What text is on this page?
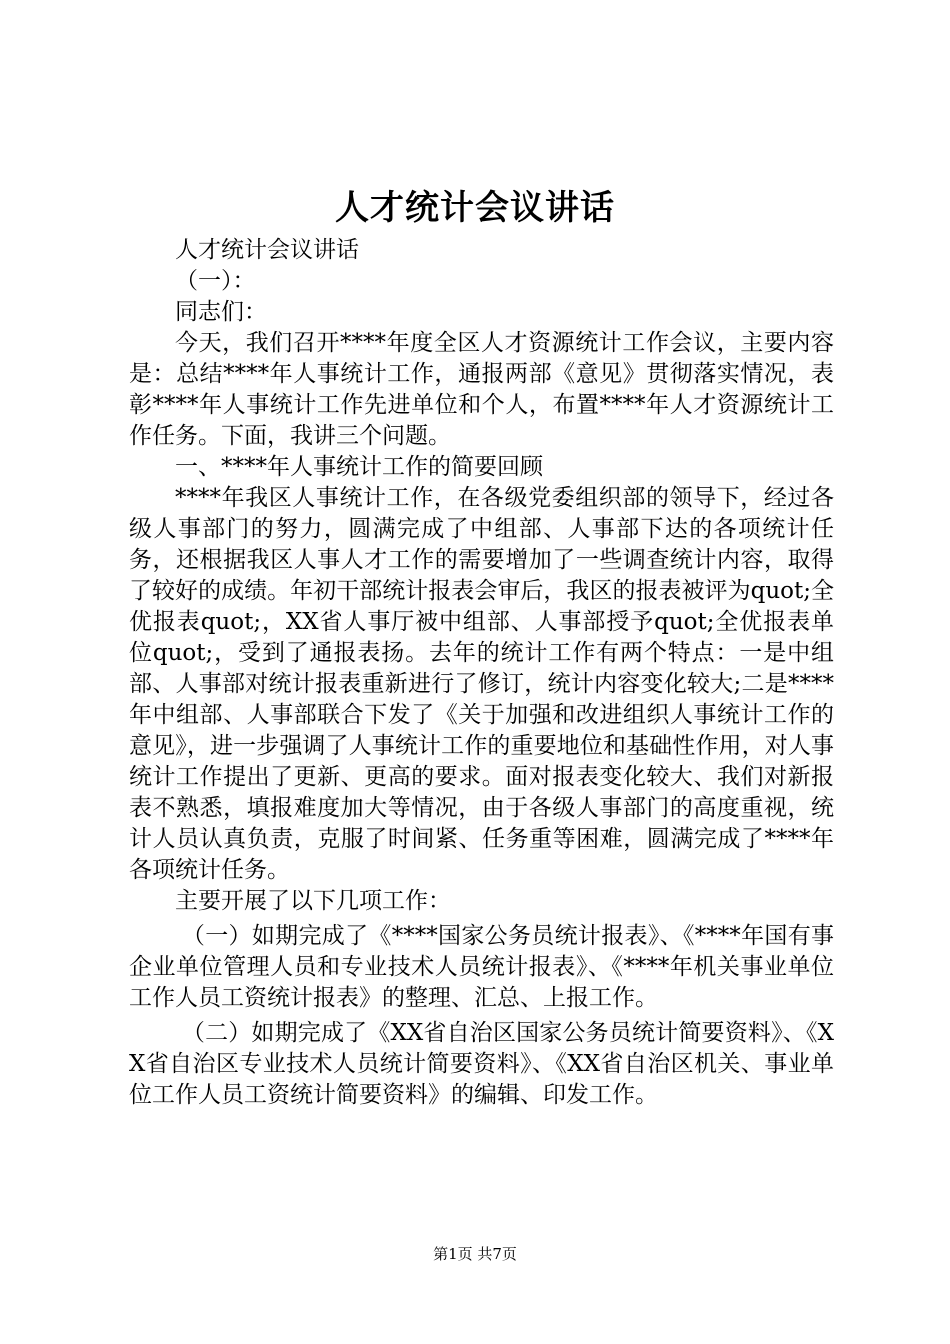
人才统计会议讲话

人才统计会议讲话

（一）：

同志们：

今天，我们召开****年度全区人才资源统计工作会议，主要内容是：总结****年人事统计工作，通报两部《意见》贯彻落实情况，表彰****年人事统计工作先进单位和个人，布置****年人才资源统计工作任务。下面，我讲三个问题。

一、****年人事统计工作的简要回顾

****年我区人事统计工作，在各级党委组织部的领导下，经过各级人事部门的努力，圆满完成了中组部、人事部下达的各项统计任务，还根据我区人事人才工作的需要增加了一些调查统计内容，取得了较好的成绩。年初干部统计报表会审后，我区的报表被评为quot;全优报表quot;，XX省人事厅被中组部、人事部授予quot;全优报表单位quot;，受到了通报表扬。去年的统计工作有两个特点：一是中组部、人事部对统计报表重新进行了修订，统计内容变化较大;二是****年中组部、人事部联合下发了《关于加强和改进组织人事统计工作的意见》，进一步强调了人事统计工作的重要地位和基础性作用，对人事统计工作提出了更新、更高的要求。面对报表变化较大、我们对新报表不熟悉，填报难度加大等情况，由于各级人事部门的高度重视，统计人员认真负责，克服了时间紧、任务重等困难，圆满完成了****年各项统计任务。

主要开展了以下几项工作：

（一）如期完成了《****国家公务员统计报表》、《****年国有事企业单位管理人员和专业技术人员统计报表》、《****年机关事业单位工作人员工资统计报表》的整理、汇总、上报工作。

（二）如期完成了《XX省自治区国家公务员统计简要资料》、《XX省自治区专业技术人员统计简要资料》、《XX省自治区机关、事业单位工作人员工资统计简要资料》的编辑、印发工作。

第1页 共7页
